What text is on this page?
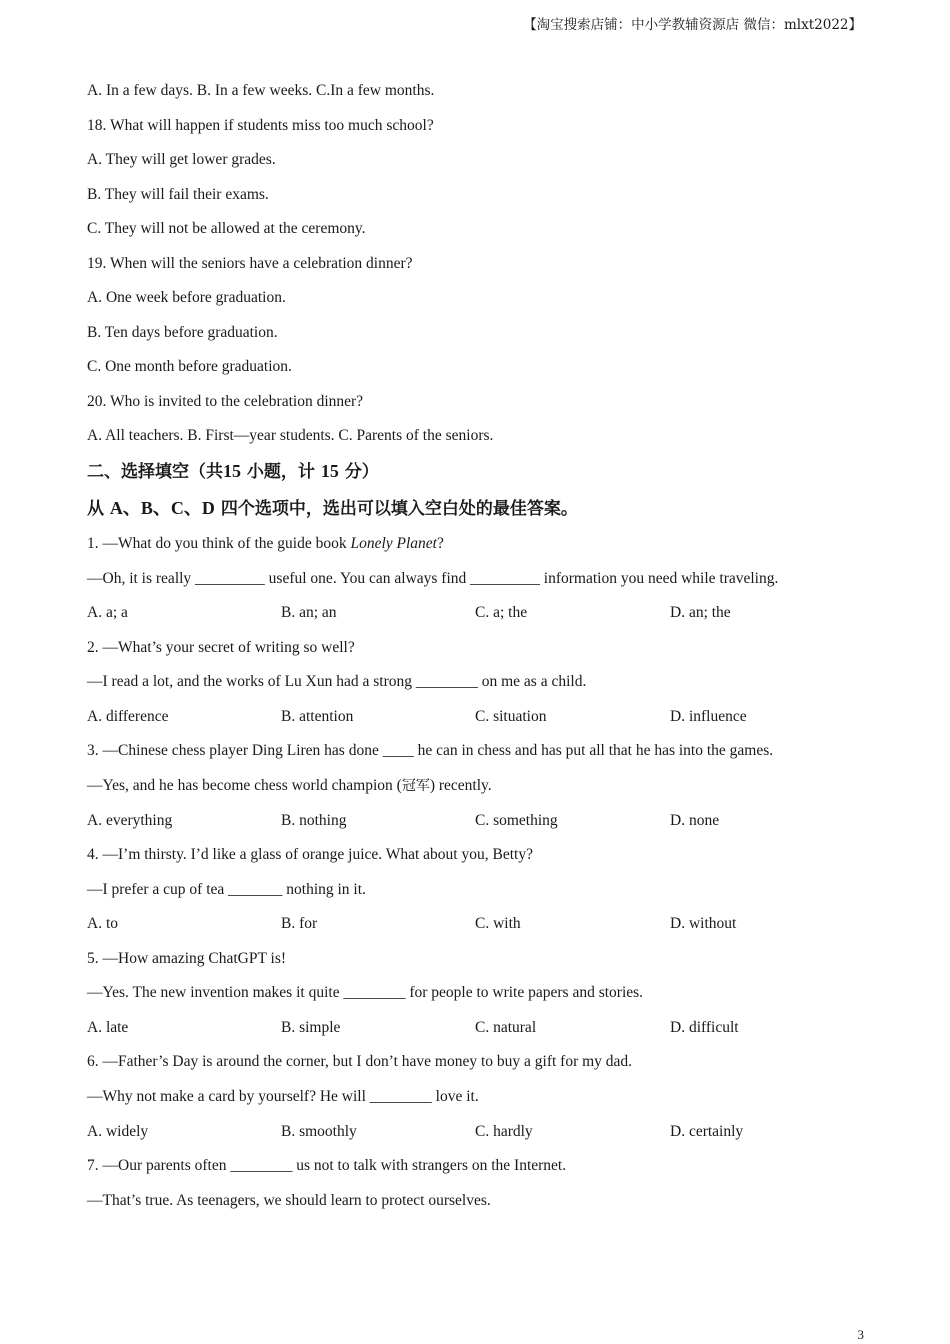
【淘宝搜索店铺：中小学教辅资源店 微信：mlxt2022】
A. In a few days. B. In a few weeks. C.In a few months.
18. What will happen if students miss too much school?
A. They will get lower grades.
B. They will fail their exams.
C. They will not be allowed at the ceremony.
19. When will the seniors have a celebration dinner?
A. One week before graduation.
B. Ten days before graduation.
C. One month before graduation.
20. Who is invited to the celebration dinner?
A. All teachers. B. First—year students. C. Parents of the seniors.
二、选择填空（共15 小题，计 15 分）
从 A、B、C、D 四个选项中，选出可以填入空白处的最佳答案。
1. —What do you think of the guide book Lonely Planet?
—Oh, it is really _________ useful one. You can always find _________ information you need while traveling.
A. a; a	B. an; an	C. a; the	D. an; the
2. —What’s your secret of writing so well?
—I read a lot, and the works of Lu Xun had a strong ________ on me as a child.
A. difference	B. attention	C. situation	D. influence
3. —Chinese chess player Ding Liren has done ____ he can in chess and has put all that he has into the games.
—Yes, and he has become chess world champion (冠军) recently.
A. everything	B. nothing	C. something	D. none
4. —I’m thirsty. I’d like a glass of orange juice. What about you, Betty?
—I prefer a cup of tea _______ nothing in it.
A. to	B. for	C. with	D. without
5. —How amazing ChatGPT is!
—Yes. The new invention makes it quite ________ for people to write papers and stories.
A. late	B. simple	C. natural	D. difficult
6. —Father’s Day is around the corner, but I don’t have money to buy a gift for my dad.
—Why not make a card by yourself? He will ________ love it.
A. widely	B. smoothly	C. hardly	D. certainly
7. —Our parents often ________ us not to talk with strangers on the Internet.
—That’s true. As teenagers, we should learn to protect ourselves.
3
